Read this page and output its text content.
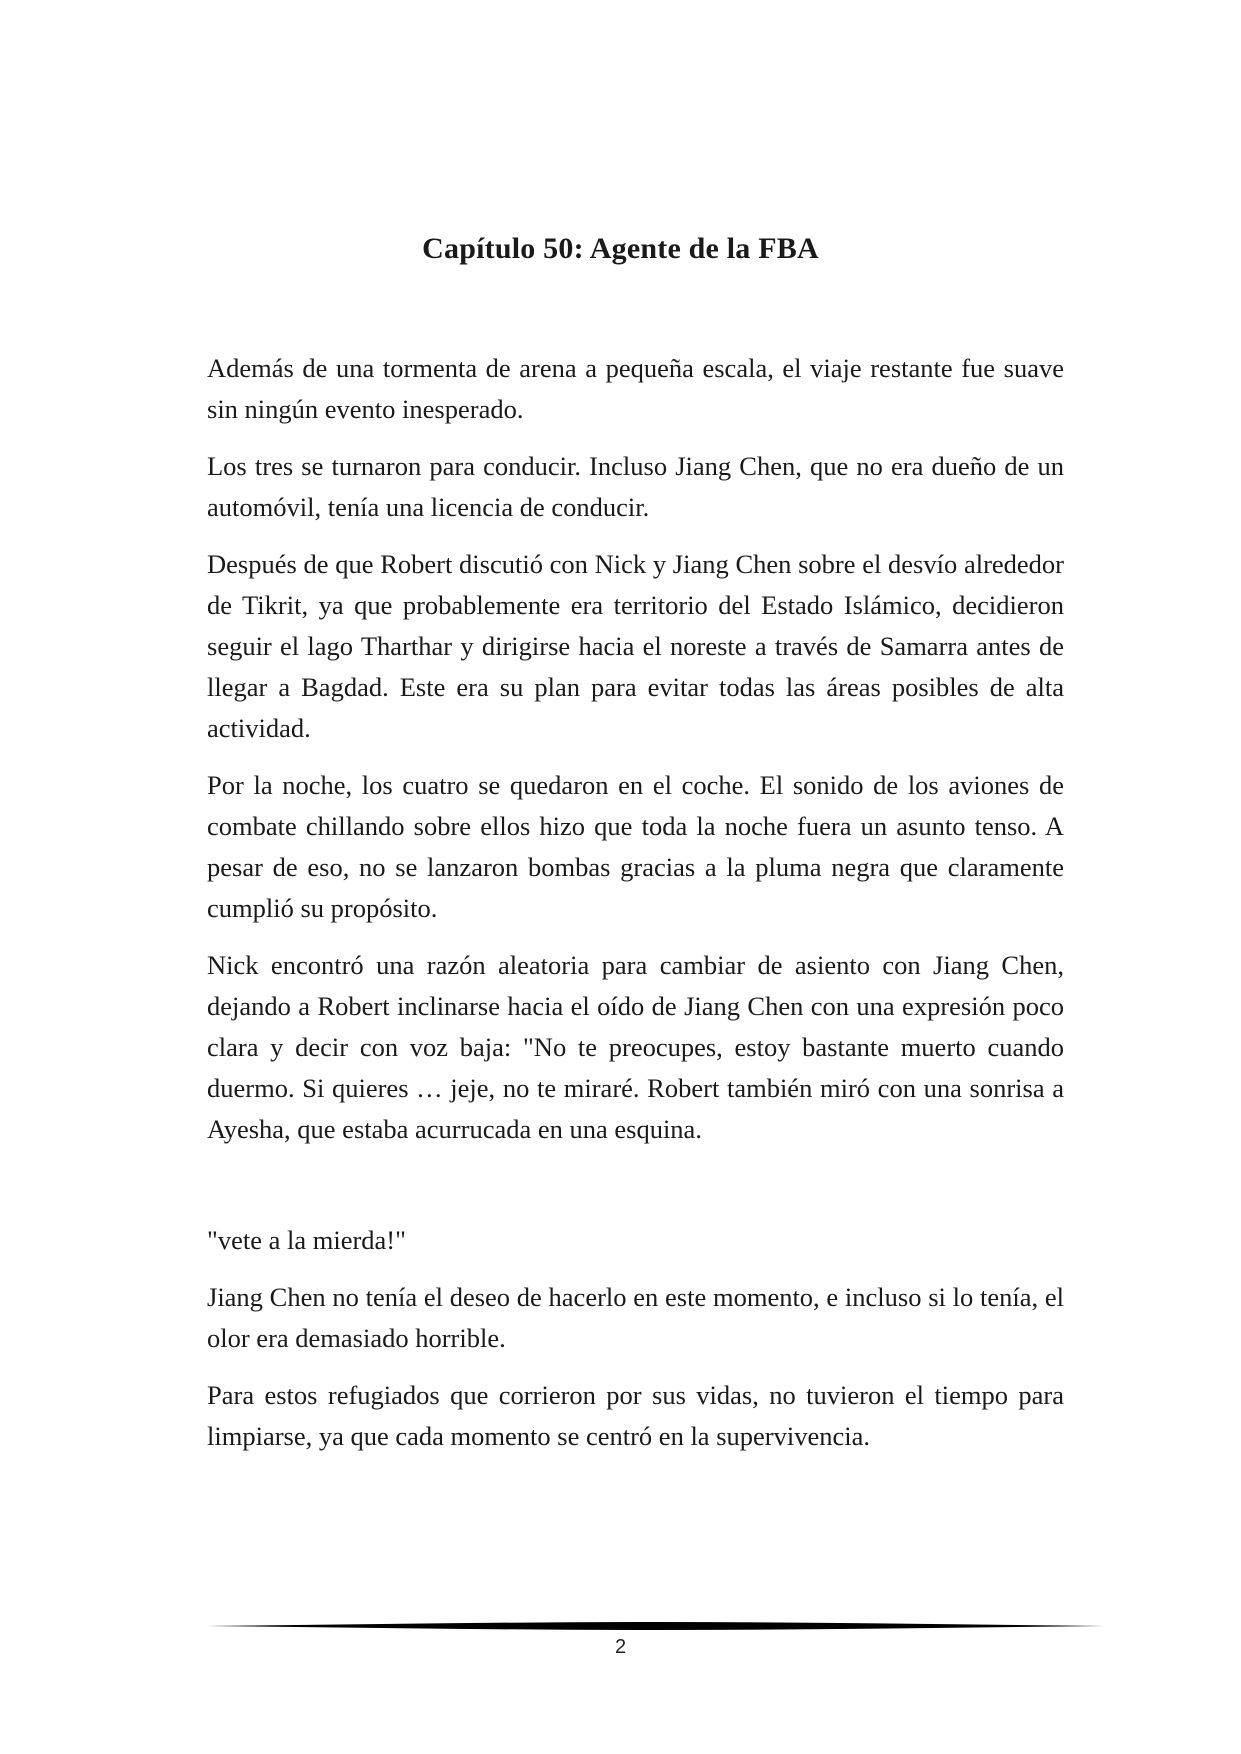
Capítulo 50: Agente de la FBA

Además de una tormenta de arena a pequeña escala, el viaje restante fue suave sin ningún evento inesperado.

Los tres se turnaron para conducir. Incluso Jiang Chen, que no era dueño de un automóvil, tenía una licencia de conducir.

Después de que Robert discutió con Nick y Jiang Chen sobre el desvío alrededor de Tikrit, ya que probablemente era territorio del Estado Islámico, decidieron seguir el lago Tharthar y dirigirse hacia el noreste a través de Samarra antes de llegar a Bagdad. Este era su plan para evitar todas las áreas posibles de alta actividad.

Por la noche, los cuatro se quedaron en el coche. El sonido de los aviones de combate chillando sobre ellos hizo que toda la noche fuera un asunto tenso. A pesar de eso, no se lanzaron bombas gracias a la pluma negra que claramente cumplió su propósito.

Nick encontró una razón aleatoria para cambiar de asiento con Jiang Chen, dejando a Robert inclinarse hacia el oído de Jiang Chen con una expresión poco clara y decir con voz baja: "No te preocupes, estoy bastante muerto cuando duermo. Si quieres … jeje, no te miraré. Robert también miró con una sonrisa a Ayesha, que estaba acurrucada en una esquina.

"vete a la mierda!"

Jiang Chen no tenía el deseo de hacerlo en este momento, e incluso si lo tenía, el olor era demasiado horrible.

Para estos refugiados que corrieron por sus vidas, no tuvieron el tiempo para limpiarse, ya que cada momento se centró en la supervivencia.

2
